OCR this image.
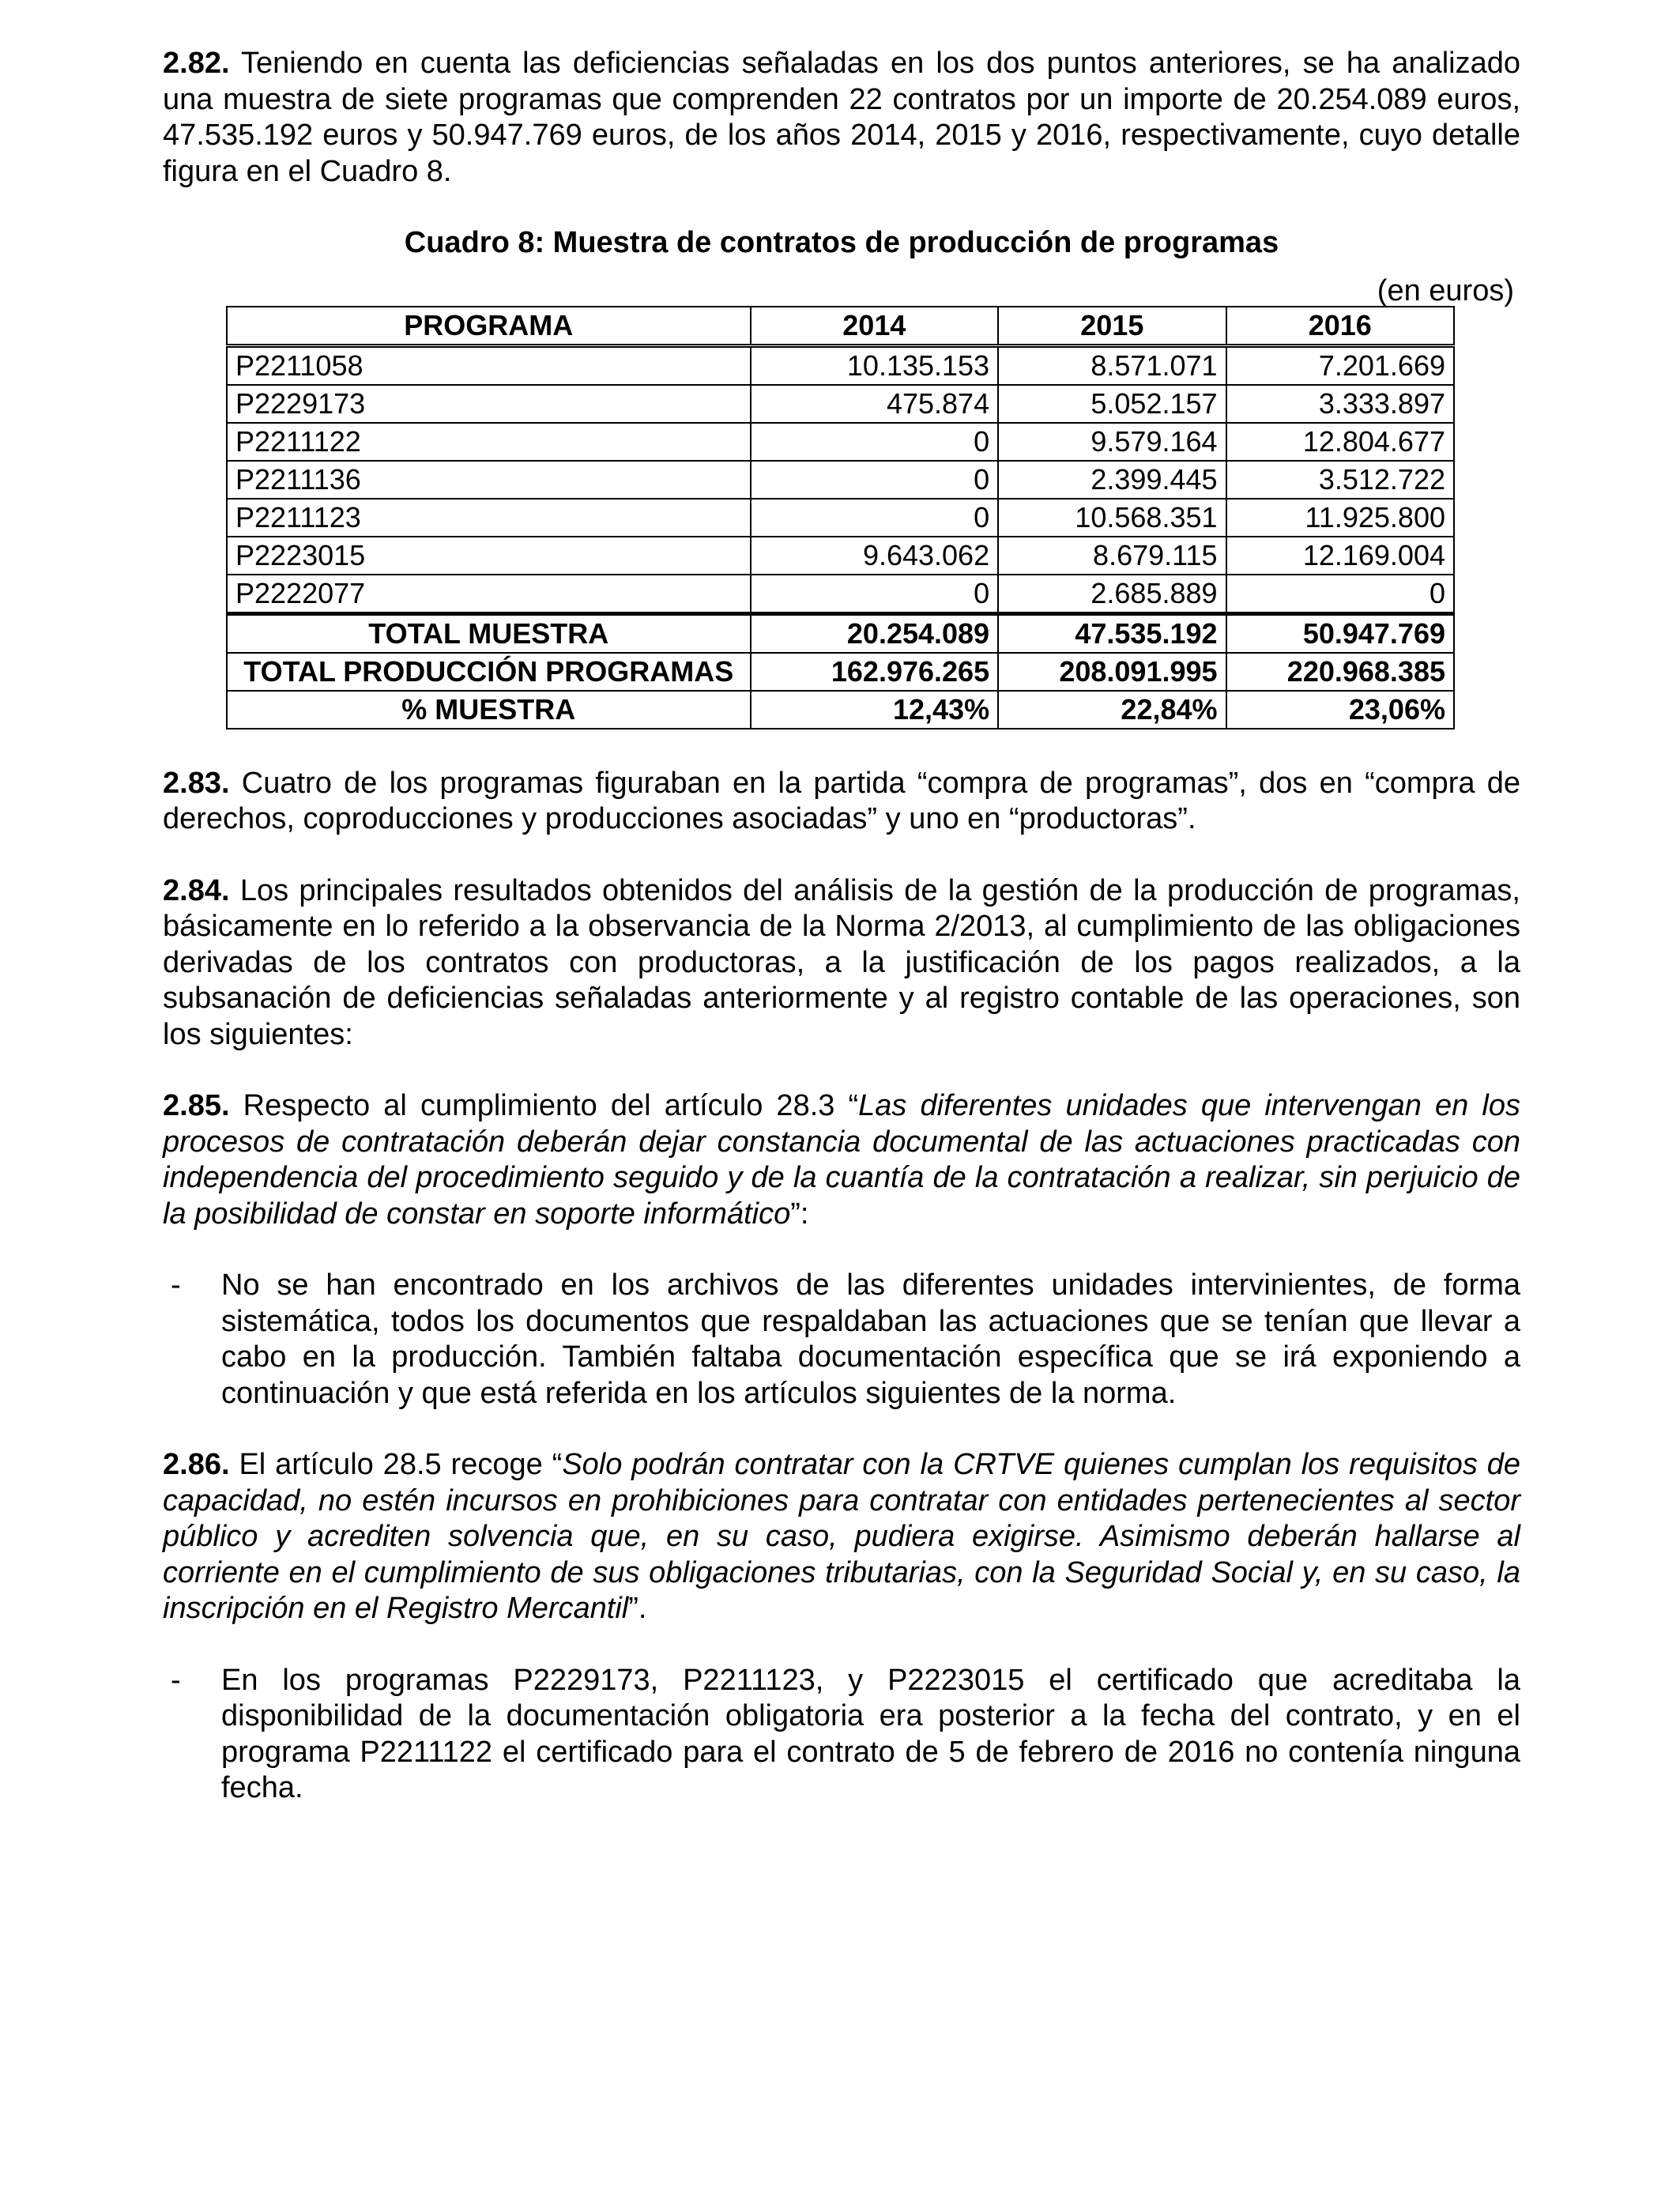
2.82. Teniendo en cuenta las deficiencias señaladas en los dos puntos anteriores, se ha analizado una muestra de siete programas que comprenden 22 contratos por un importe de 20.254.089 euros, 47.535.192 euros y 50.947.769 euros, de los años 2014, 2015 y 2016, respectivamente, cuyo detalle figura en el Cuadro 8.

Cuadro 8: Muestra de contratos de producción de programas
(en euros)
PROGRAMA	2014	2015	2016
P2211058	10.135.153	8.571.071	7.201.669
P2229173	475.874	5.052.157	3.333.897
P2211122	0	9.579.164	12.804.677
P2211136	0	2.399.445	3.512.722
P2211123	0	10.568.351	11.925.800
P2223015	9.643.062	8.679.115	12.169.004
P2222077	0	2.685.889	0
TOTAL MUESTRA	20.254.089	47.535.192	50.947.769
TOTAL PRODUCCIÓN PROGRAMAS	162.976.265	208.091.995	220.968.385
% MUESTRA	12,43%	22,84%	23,06%

2.83. Cuatro de los programas figuraban en la partida “compra de programas”, dos en “compra de derechos, coproducciones y producciones asociadas” y uno en “productoras”.

2.84. Los principales resultados obtenidos del análisis de la gestión de la producción de programas, básicamente en lo referido a la observancia de la Norma 2/2013, al cumplimiento de las obligaciones derivadas de los contratos con productoras, a la justificación de los pagos realizados, a la subsanación de deficiencias señaladas anteriormente y al registro contable de las operaciones, son los siguientes:

2.85. Respecto al cumplimiento del artículo 28.3 “Las diferentes unidades que intervengan en los procesos de contratación deberán dejar constancia documental de las actuaciones practicadas con independencia del procedimiento seguido y de la cuantía de la contratación a realizar, sin perjuicio de la posibilidad de constar en soporte informático”:

-	No se han encontrado en los archivos de las diferentes unidades intervinientes, de forma sistemática, todos los documentos que respaldaban las actuaciones que se tenían que llevar a cabo en la producción. También faltaba documentación específica que se irá exponiendo a continuación y que está referida en los artículos siguientes de la norma.

2.86. El artículo 28.5 recoge “Solo podrán contratar con la CRTVE quienes cumplan los requisitos de capacidad, no estén incursos en prohibiciones para contratar con entidades pertenecientes al sector público y acrediten solvencia que, en su caso, pudiera exigirse. Asimismo deberán hallarse al corriente en el cumplimiento de sus obligaciones tributarias, con la Seguridad Social y, en su caso, la inscripción en el Registro Mercantil”.

-	En los programas P2229173, P2211123, y P2223015 el certificado que acreditaba la disponibilidad de la documentación obligatoria era posterior a la fecha del contrato, y en el programa P2211122 el certificado para el contrato de 5 de febrero de 2016 no contenía ninguna fecha.
